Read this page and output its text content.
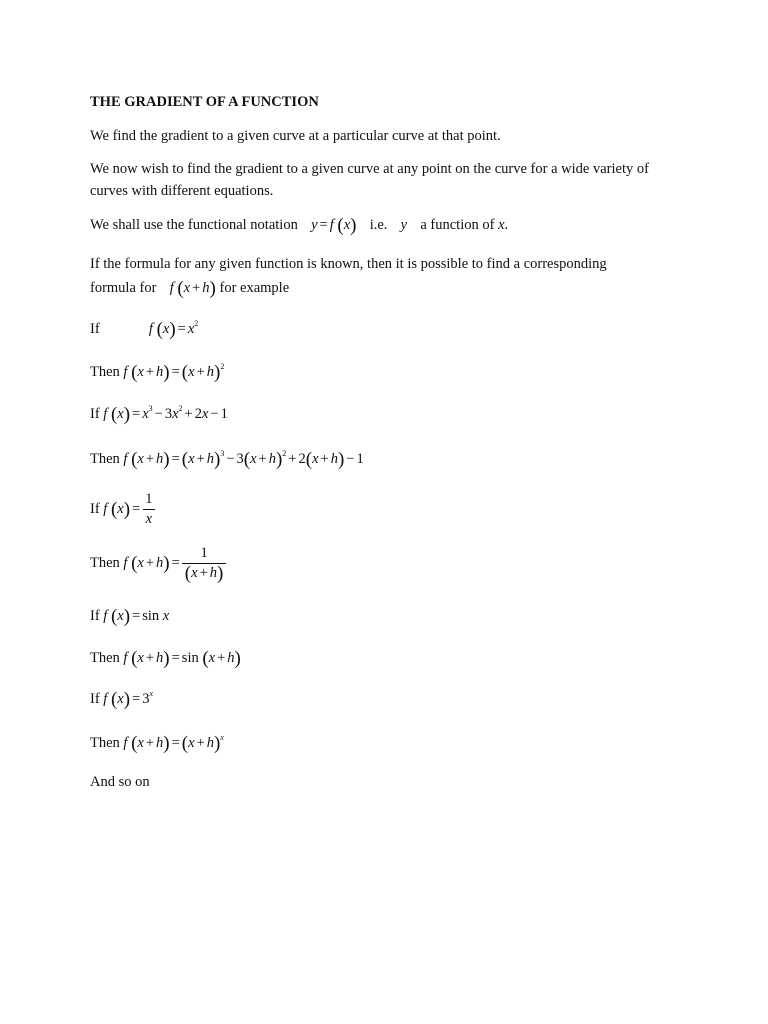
THE GRADIENT OF A FUNCTION
We find the gradient to a given curve at a particular curve at that point.
We now wish to find the gradient to a given curve at any point on the curve for a wide variety of curves with different equations.
We shall use the functional notation y = f (x) i.e. y a function of x.
If the formula for any given function is known, then it is possible to find a corresponding
formula for f (x + h) for example
If	f $(x) = x^2$
Then f $(x + h) = (x + h)^2$
If f $(x) = x^3 - 3x^2 + 2x - 1$
Then f $(x + h) = (x + h)^3 - 3(x + h)^2 + 2(x + h) - 1$
If f $(x) = \frac{1}{x}$
Then f $(x + h) = \frac{1}{(x + h)}$
If f (x) = sin x
Then f (x + h) = sin (x + h)
If f $(x) = 3^x$
Then f $(x + h) = (x + h)^x$
And so on
